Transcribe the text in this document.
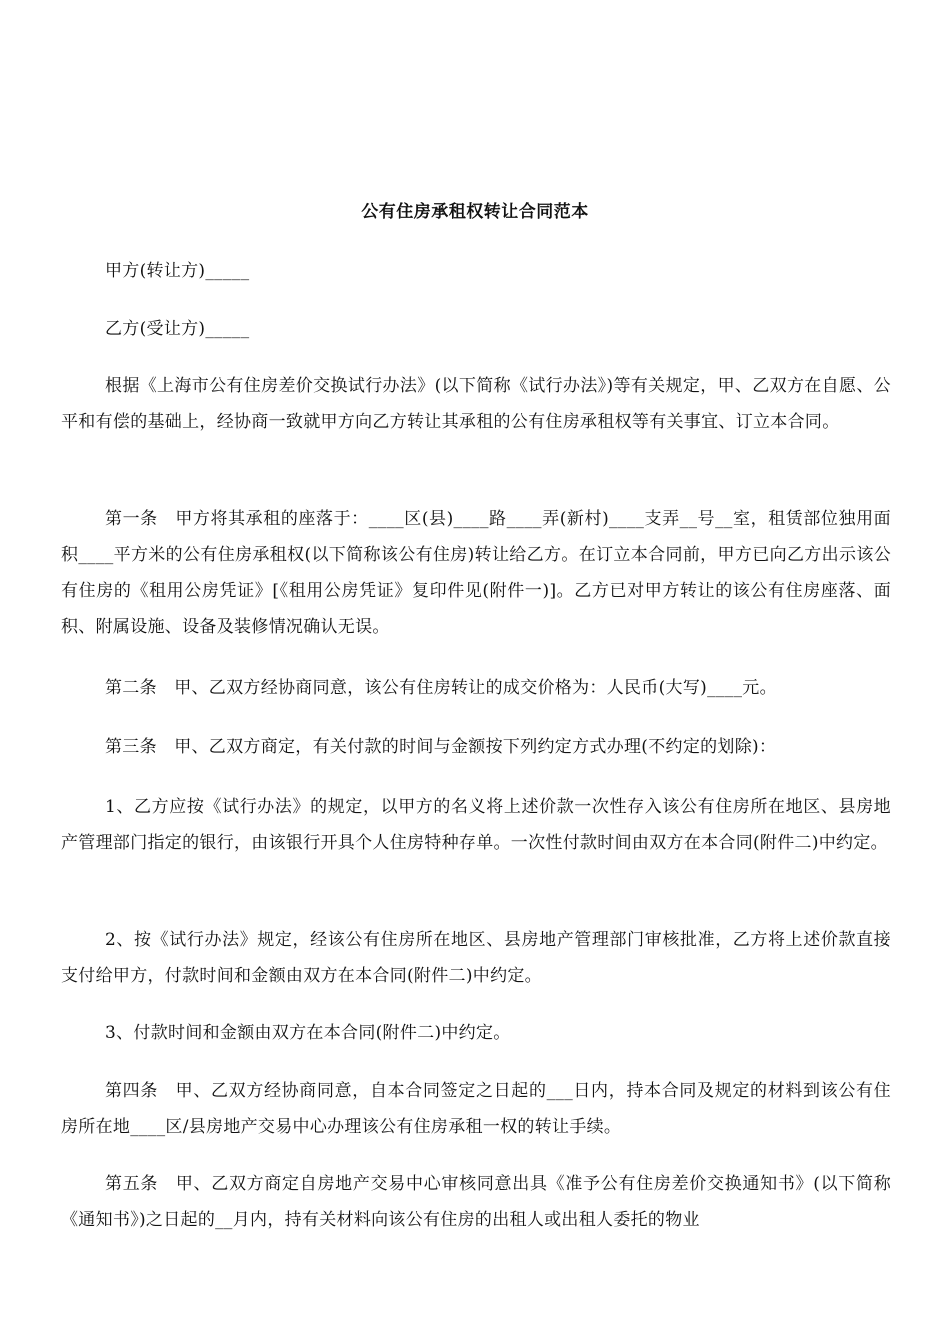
公有住房承租权转让合同范本

甲方(转让方)_____

乙方(受让方)_____

根据《上海市公有住房差价交换试行办法》(以下简称《试行办法》)等有关规定，甲、乙双方在自愿、公平和有偿的基础上，经协商一致就甲方向乙方转让其承租的公有住房承租权等有关事宜、订立本合同。

第一条　甲方将其承租的座落于：____区(县)____路____弄(新村)____支弄__号__室，租赁部位独用面积____平方米的公有住房承租权(以下简称该公有住房)转让给乙方。在订立本合同前，甲方已向乙方出示该公有住房的《租用公房凭证》[《租用公房凭证》复印件见(附件一)]。乙方已对甲方转让的该公有住房座落、面积、附属设施、设备及装修情况确认无误。

第二条　甲、乙双方经协商同意，该公有住房转让的成交价格为：人民币(大写)____元。

第三条　甲、乙双方商定，有关付款的时间与金额按下列约定方式办理(不约定的划除)：

1、乙方应按《试行办法》的规定，以甲方的名义将上述价款一次性存入该公有住房所在地区、县房地产管理部门指定的银行，由该银行开具个人住房特种存单。一次性付款时间由双方在本合同(附件二)中约定。

2、按《试行办法》规定，经该公有住房所在地区、县房地产管理部门审核批准，乙方将上述价款直接支付给甲方，付款时间和金额由双方在本合同(附件二)中约定。

3、付款时间和金额由双方在本合同(附件二)中约定。

第四条　甲、乙双方经协商同意，自本合同签定之日起的___日内，持本合同及规定的材料到该公有住房所在地____区/县房地产交易中心办理该公有住房承租一权的转让手续。

第五条　甲、乙双方商定自房地产交易中心审核同意出具《准予公有住房差价交换通知书》(以下简称《通知书》)之日起的__月内，持有关材料向该公有住房的出租人或出租人委托的物业
